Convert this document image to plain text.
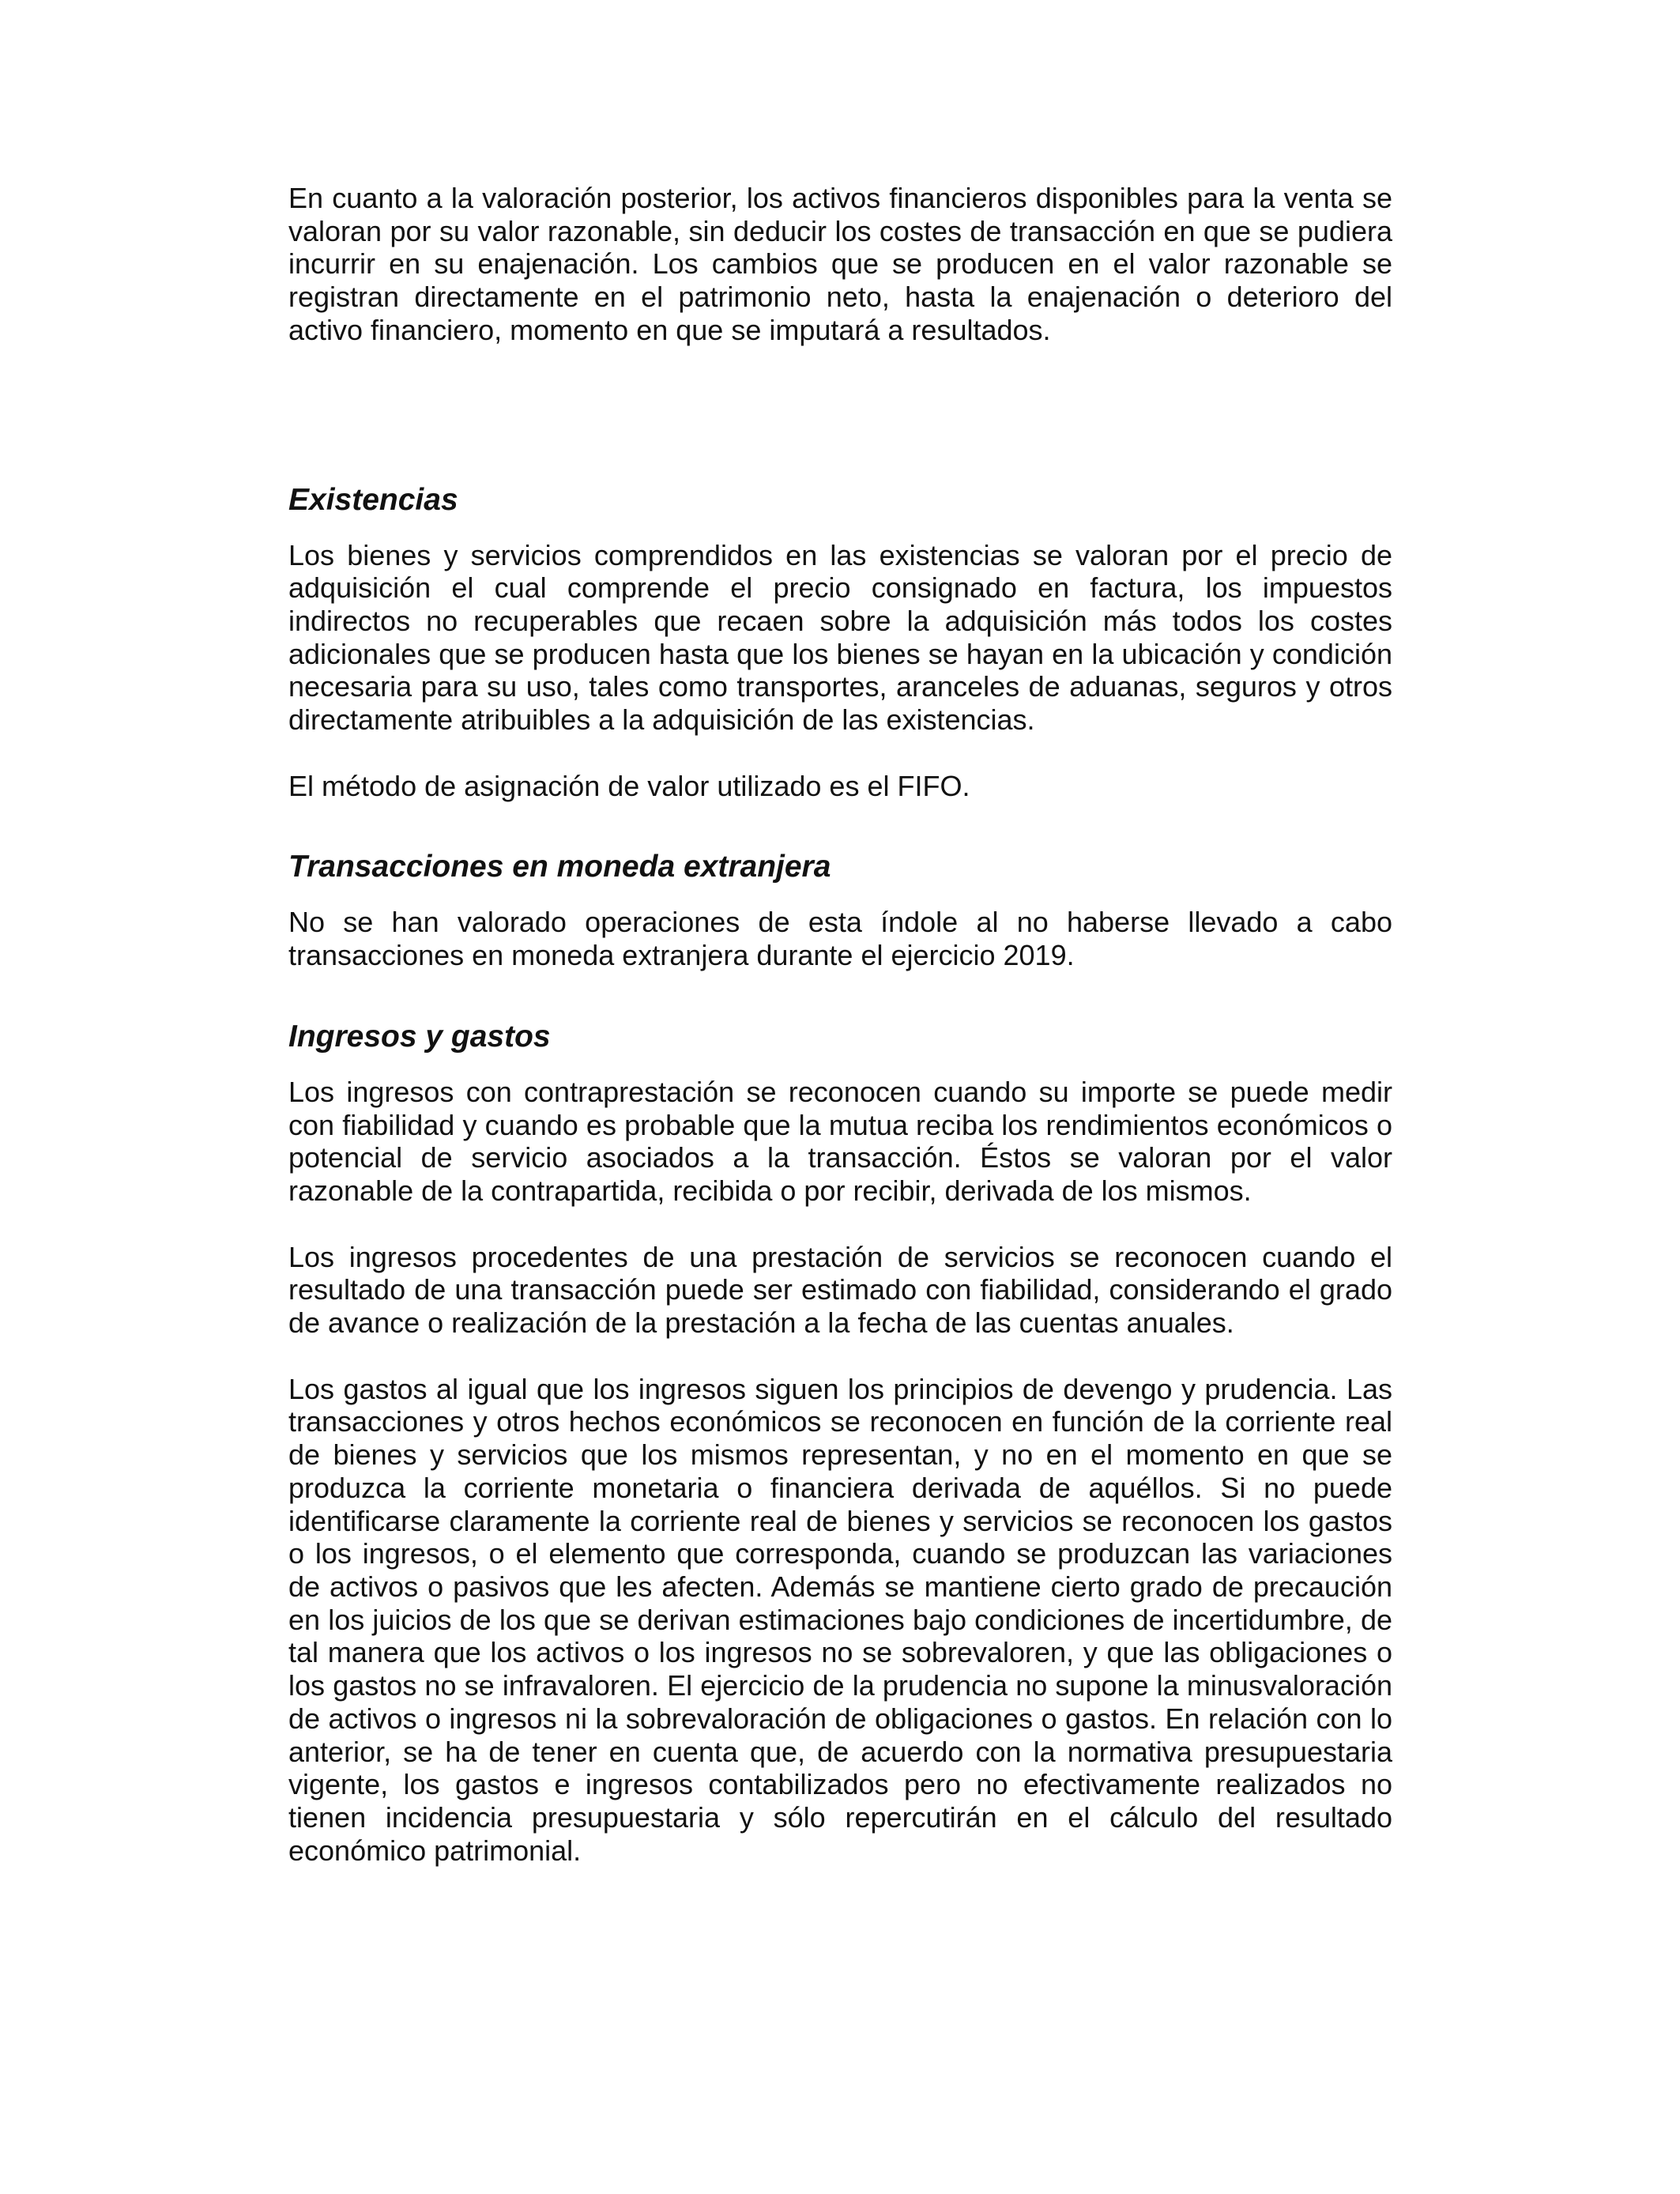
En cuanto a la valoración posterior, los activos financieros disponibles para la venta se valoran por su valor razonable, sin deducir los costes de transacción en que se pudiera incurrir en su enajenación. Los cambios que se producen en el valor razonable se registran directamente en el patrimonio neto, hasta la enajenación o deterioro del activo financiero, momento en que se imputará a resultados.

Existencias

Los bienes y servicios comprendidos en las existencias se valoran por el precio de adquisición el cual comprende el precio consignado en factura, los impuestos indirectos no recuperables que recaen sobre la adquisición más todos los costes adicionales que se producen hasta que los bienes se hayan en la ubicación y condición necesaria para su uso, tales como transportes, aranceles de aduanas, seguros y otros directamente atribuibles a la adquisición de las existencias.

El método de asignación de valor utilizado es el FIFO.

Transacciones en moneda extranjera

No se han valorado operaciones de esta índole al no haberse llevado a cabo transacciones en moneda extranjera durante el ejercicio 2019.

Ingresos y gastos

Los ingresos con contraprestación se reconocen cuando su importe se puede medir con fiabilidad y cuando es probable que la mutua reciba los rendimientos económicos o potencial de servicio asociados a la transacción. Éstos se valoran por el valor razonable de la contrapartida, recibida o por recibir, derivada de los mismos.

Los ingresos procedentes de una prestación de servicios se reconocen cuando el resultado de una transacción puede ser estimado con fiabilidad, considerando el grado de avance o realización de la prestación a la fecha de las cuentas anuales.

Los gastos al igual que los ingresos siguen los principios de devengo y prudencia. Las transacciones y otros hechos económicos se reconocen en función de la corriente real de bienes y servicios que los mismos representan, y no en el momento en que se produzca la corriente monetaria o financiera derivada de aquéllos. Si no puede identificarse claramente la corriente real de bienes y servicios se reconocen los gastos o los ingresos, o el elemento que corresponda, cuando se produzcan las variaciones de activos o pasivos que les afecten. Además se mantiene cierto grado de precaución en los juicios de los que se derivan estimaciones bajo condiciones de incertidumbre, de tal manera que los activos o los ingresos no se sobrevaloren, y que las obligaciones o los gastos no se infravaloren. El ejercicio de la prudencia no supone la minusvaloración de activos o ingresos ni la sobrevaloración de obligaciones o gastos. En relación con lo anterior, se ha de tener en cuenta que, de acuerdo con la normativa presupuestaria vigente, los gastos e ingresos contabilizados pero no efectivamente realizados no tienen incidencia presupuestaria y sólo repercutirán en el cálculo del resultado económico patrimonial.
